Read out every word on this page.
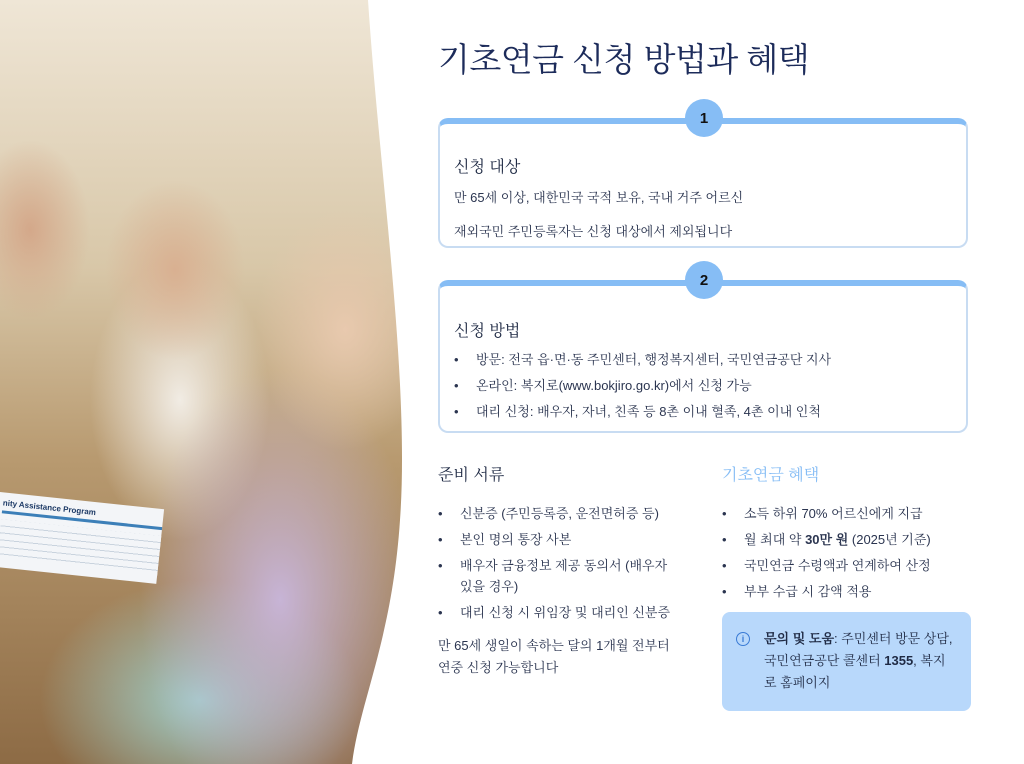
nity Assistance Program
기초연금 신청 방법과 혜택
1
신청 대상

만 65세 이상, 대한민국 국적 보유, 국내 거주 어르신

재외국민 주민등록자는 신청 대상에서 제외됩니다

2
신청 방법
• 방문: 전국 읍·면·동 주민센터, 행정복지센터, 국민연금공단 지사
• 온라인: 복지로(www.bokjiro.go.kr)에서 신청 가능
• 대리 신청: 배우자, 자녀, 친족 등 8촌 이내 혈족, 4촌 이내 인척
준비 서류
• 신분증 (주민등록증, 운전면허증 등)
• 본인 명의 통장 사본
• 배우자 금융정보 제공 동의서 (배우자 있을 경우)
• 대리 신청 시 위임장 및 대리인 신분증

만 65세 생일이 속하는 달의 1개월 전부터 연중 신청 가능합니다

기초연금 혜택
• 소득 하위 70% 어르신에게 지급
• 월 최대 약 30만 원 (2025년 기준)
• 국민연금 수령액과 연계하여 산정
• 부부 수급 시 감액 적용
i	문의 및 도움: 주민센터 방문 상담, 국민연금공단 콜센터 1355, 복지로 홈페이지
